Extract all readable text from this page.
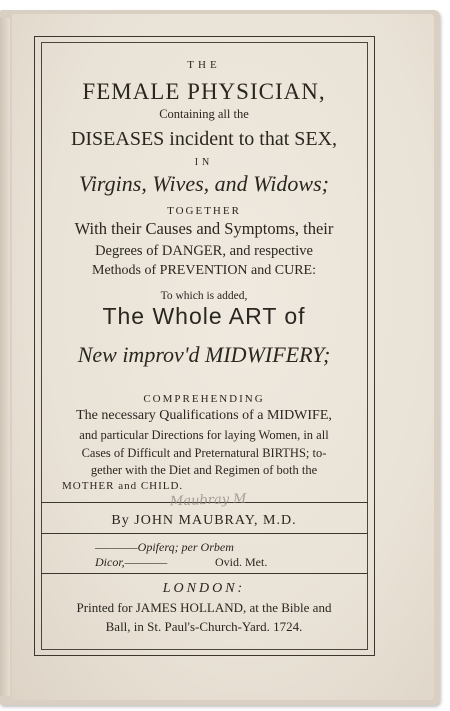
THE
FEMALE PHYSICIAN,
Containing all the
DISEASES incident to that SEX,
IN
Virgins, Wives, and Widows;
TOGETHER
With their Causes and Symptoms, their
Degrees of DANGER, and respective
Methods of PREVENTION and CURE:
To which is added,
The Whole ART of
New improv'd MIDWIFERY;
COMPREHENDING
The necessary Qualifications of a MIDWIFE,
and particular Directions for laying Women, in all
Cases of Difficult and Preternatural BIRTHS; to-
gether with the Diet and Regimen of both the
MOTHER and CHILD.
Maubray M
By JOHN MAUBRAY, M.D.
————Opiferq; per Orbem
Dicor,————	Ovid. Met.
LONDON:
Printed for JAMES HOLLAND, at the Bible and
Ball, in St. Paul's-Church-Yard. 1724.
